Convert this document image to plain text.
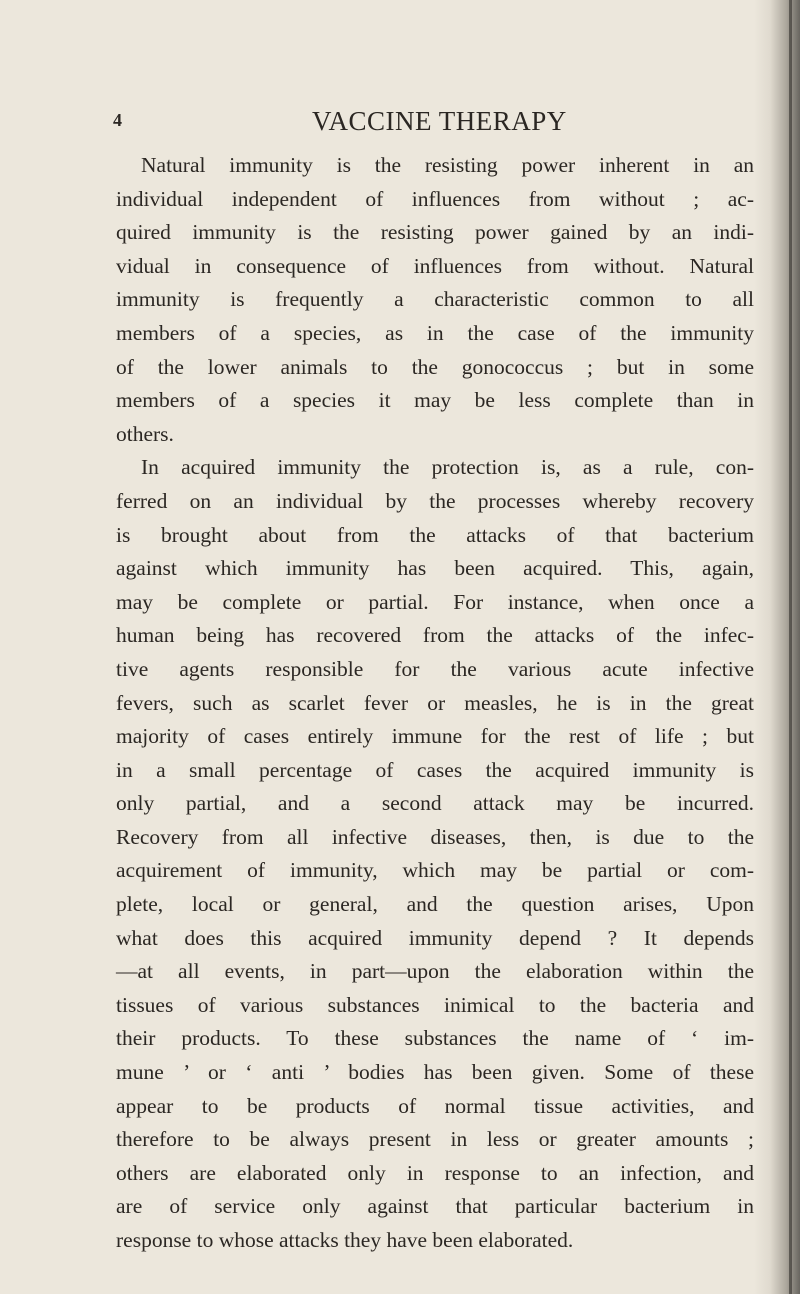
4	VACCINE THERAPY
Natural immunity is the resisting power inherent in an
individual independent of influences from without ; ac-
quired immunity is the resisting power gained by an indi-
vidual in consequence of influences from without. Natural
immunity is frequently a characteristic common to all
members of a species, as in the case of the immunity
of the lower animals to the gonococcus ; but in some
members of a species it may be less complete than in
others.
In acquired immunity the protection is, as a rule, con-
ferred on an individual by the processes whereby recovery
is brought about from the attacks of that bacterium
against which immunity has been acquired. This, again,
may be complete or partial. For instance, when once a
human being has recovered from the attacks of the infec-
tive agents responsible for the various acute infective
fevers, such as scarlet fever or measles, he is in the great
majority of cases entirely immune for the rest of life ; but
in a small percentage of cases the acquired immunity is
only partial, and a second attack may be incurred.
Recovery from all infective diseases, then, is due to the
acquirement of immunity, which may be partial or com-
plete, local or general, and the question arises, Upon
what does this acquired immunity depend ? It depends
—at all events, in part—upon the elaboration within the
tissues of various substances inimical to the bacteria and
their products. To these substances the name of ‘ im-
mune ’ or ‘ anti ’ bodies has been given. Some of these
appear to be products of normal tissue activities, and
therefore to be always present in less or greater amounts ;
others are elaborated only in response to an infection, and
are of service only against that particular bacterium in
response to whose attacks they have been elaborated.
